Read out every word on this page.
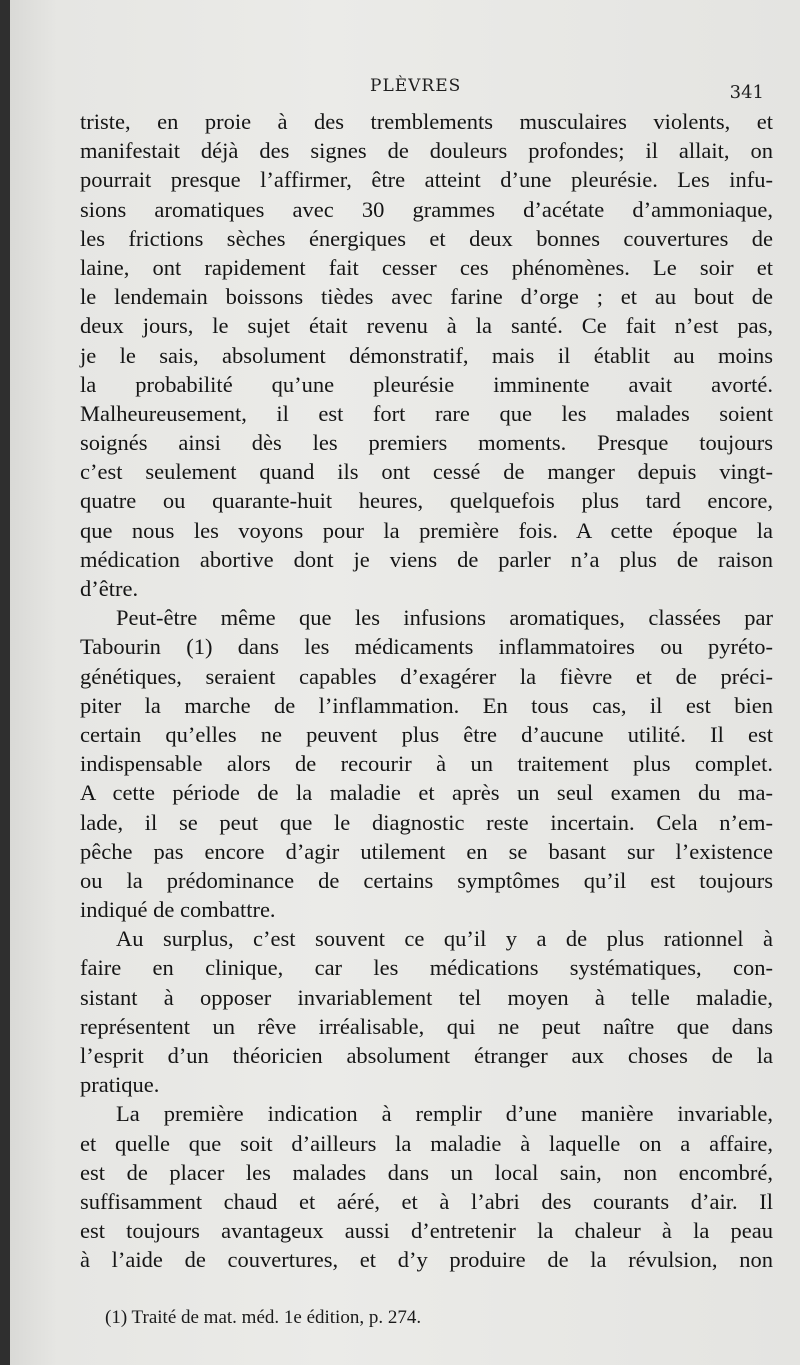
PLÈVRES	341
triste, en proie à des tremblements musculaires violents, et
manifestait déjà des signes de douleurs profondes; il allait, on
pourrait presque l’affirmer, être atteint d’une pleurésie. Les infu-
sions aromatiques avec 30 grammes d’acétate d’ammoniaque,
les frictions sèches énergiques et deux bonnes couvertures de
laine, ont rapidement fait cesser ces phénomènes. Le soir et
le lendemain boissons tièdes avec farine d’orge ; et au bout de
deux jours, le sujet était revenu à la santé. Ce fait n’est pas,
je le sais, absolument démonstratif, mais il établit au moins
la probabilité qu’une pleurésie imminente avait avorté.
Malheureusement, il est fort rare que les malades soient
soignés ainsi dès les premiers moments. Presque toujours
c’est seulement quand ils ont cessé de manger depuis vingt-
quatre ou quarante-huit heures, quelquefois plus tard encore,
que nous les voyons pour la première fois. A cette époque la
médication abortive dont je viens de parler n’a plus de raison
d’être.
Peut-être même que les infusions aromatiques, classées par
Tabourin (1) dans les médicaments inflammatoires ou pyréto-
génétiques, seraient capables d’exagérer la fièvre et de préci-
piter la marche de l’inflammation. En tous cas, il est bien
certain qu’elles ne peuvent plus être d’aucune utilité. Il est
indispensable alors de recourir à un traitement plus complet.
A cette période de la maladie et après un seul examen du ma-
lade, il se peut que le diagnostic reste incertain. Cela n’em-
pêche pas encore d’agir utilement en se basant sur l’existence
ou la prédominance de certains symptômes qu’il est toujours
indiqué de combattre.
Au surplus, c’est souvent ce qu’il y a de plus rationnel à
faire en clinique, car les médications systématiques, con-
sistant à opposer invariablement tel moyen à telle maladie,
représentent un rêve irréalisable, qui ne peut naître que dans
l’esprit d’un théoricien absolument étranger aux choses de la
pratique.
La première indication à remplir d’une manière invariable,
et quelle que soit d’ailleurs la maladie à laquelle on a affaire,
est de placer les malades dans un local sain, non encombré,
suffisamment chaud et aéré, et à l’abri des courants d’air. Il
est toujours avantageux aussi d’entretenir la chaleur à la peau
à l’aide de couvertures, et d’y produire de la révulsion, non
(1) Traité de mat. méd. 1e édition, p. 274.
